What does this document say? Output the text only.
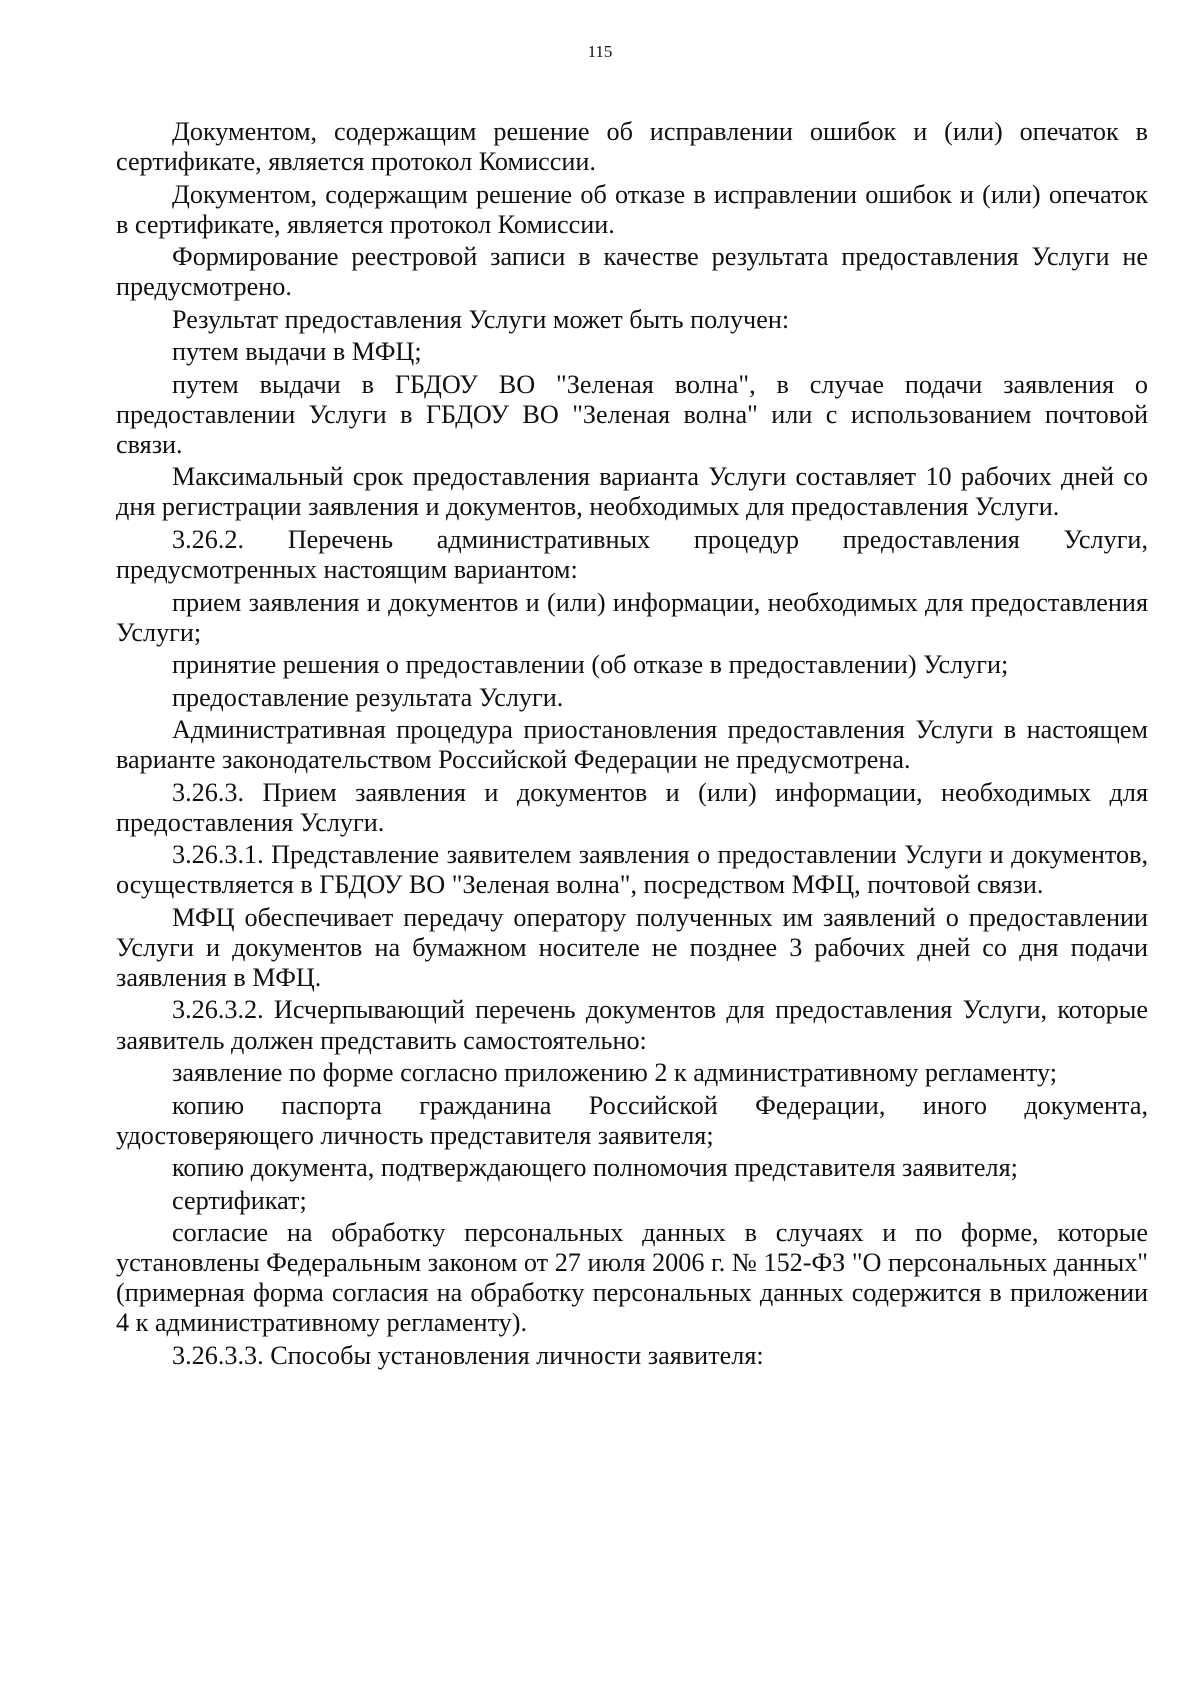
115

Документом, содержащим решение об исправлении ошибок и (или) опечаток в сертификате, является протокол Комиссии.

Документом, содержащим решение об отказе в исправлении ошибок и (или) опечаток в сертификате, является протокол Комиссии.

Формирование реестровой записи в качестве результата предоставления Услуги не предусмотрено.

Результат предоставления Услуги может быть получен:

путем выдачи в МФЦ;

путем выдачи в ГБДОУ ВО "Зеленая волна", в случае подачи заявления о предоставлении Услуги в ГБДОУ ВО "Зеленая волна" или с использованием почтовой связи.

Максимальный срок предоставления варианта Услуги составляет 10 рабочих дней со дня регистрации заявления и документов, необходимых для предоставления Услуги.

3.26.2. Перечень административных процедур предоставления Услуги, предусмотренных настоящим вариантом:

прием заявления и документов и (или) информации, необходимых для предоставления Услуги;

принятие решения о предоставлении (об отказе в предоставлении) Услуги;

предоставление результата Услуги.

Административная процедура приостановления предоставления Услуги в настоящем варианте законодательством Российской Федерации не предусмотрена.

3.26.3. Прием заявления и документов и (или) информации, необходимых для предоставления Услуги.

3.26.3.1. Представление заявителем заявления о предоставлении Услуги и документов, осуществляется в ГБДОУ ВО "Зеленая волна", посредством МФЦ, почтовой связи.

МФЦ обеспечивает передачу оператору полученных им заявлений о предоставлении Услуги и документов на бумажном носителе не позднее 3 рабочих дней со дня подачи заявления в МФЦ.

3.26.3.2. Исчерпывающий перечень документов для предоставления Услуги, которые заявитель должен представить самостоятельно:

заявление по форме согласно приложению 2 к административному регламенту;

копию паспорта гражданина Российской Федерации, иного документа, удостоверяющего личность представителя заявителя;

копию документа, подтверждающего полномочия представителя заявителя;

сертификат;

согласие на обработку персональных данных в случаях и по форме, которые установлены Федеральным законом от 27 июля 2006 г. № 152-ФЗ "О персональных данных" (примерная форма согласия на обработку персональных данных содержится в приложении 4 к административному регламенту).

3.26.3.3. Способы установления личности заявителя:
